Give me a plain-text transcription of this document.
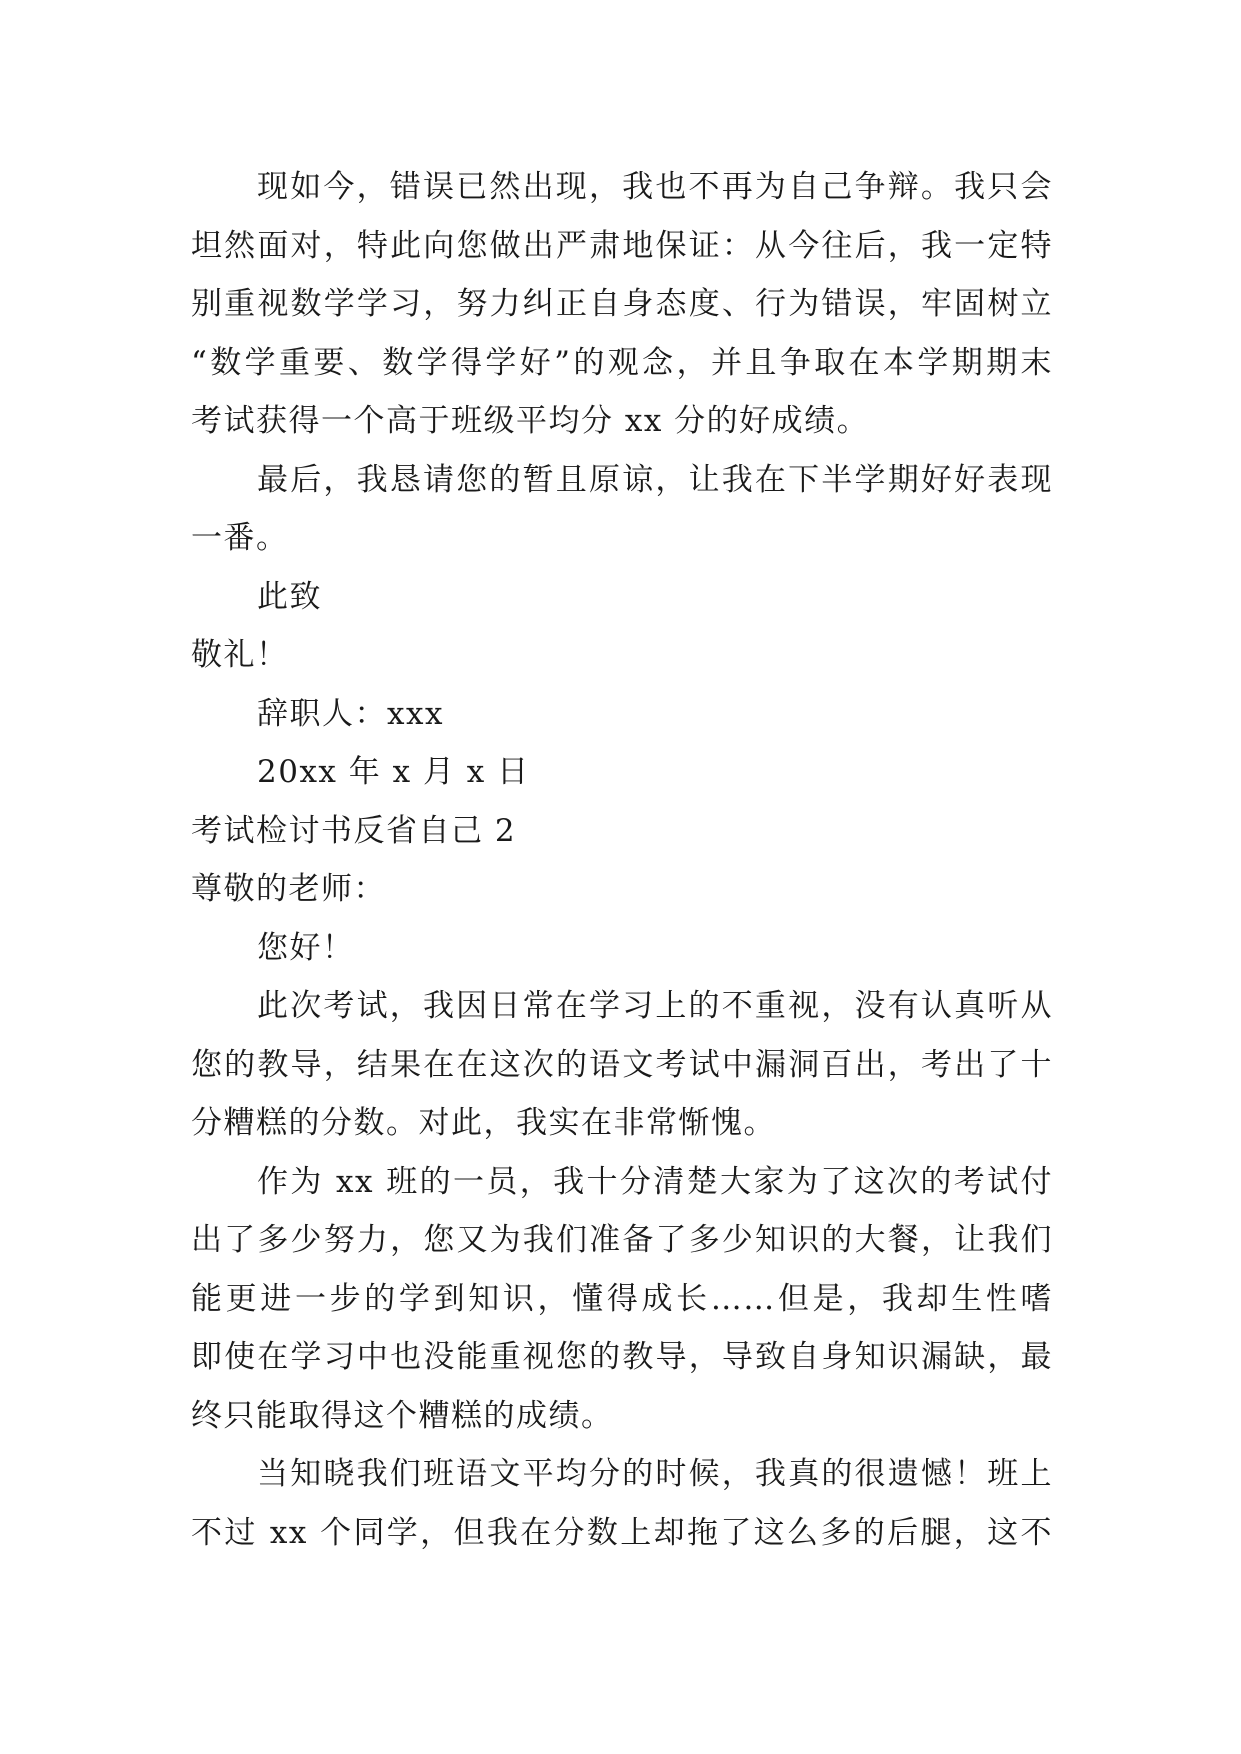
现如今，错误已然出现，我也不再为自己争辩。我只会
坦然面对，特此向您做出严肃地保证：从今往后，我一定特
别重视数学学习，努力纠正自身态度、行为错误，牢固树立
“数学重要、数学得学好”的观念，并且争取在本学期期末
考试获得一个高于班级平均分 xx 分的好成绩。
最后，我恳请您的暂且原谅，让我在下半学期好好表现
一番。
此致
敬礼！
辞职人：xxx
20xx 年 x 月 x 日
考试检讨书反省自己 2
尊敬的老师：
您好！
此次考试，我因日常在学习上的不重视，没有认真听从
您的教导，结果在在这次的语文考试中漏洞百出，考出了十
分糟糕的分数。对此，我实在非常惭愧。
作为 xx 班的一员，我十分清楚大家为了这次的考试付
出了多少努力，您又为我们准备了多少知识的大餐，让我们
能更进一步的学到知识，懂得成长……但是，我却生性嗜
即使在学习中也没能重视您的教导，导致自身知识漏缺，最
终只能取得这个糟糕的成绩。
当知晓我们班语文平均分的时候，我真的很遗憾！班上
不过 xx 个同学，但我在分数上却拖了这么多的后腿，这不
